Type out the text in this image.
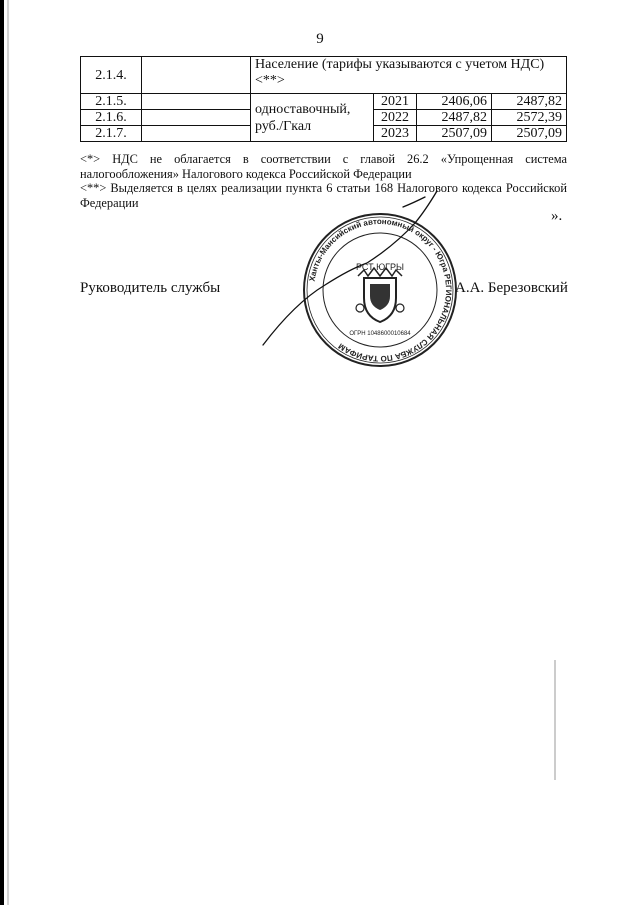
9
2.1.4.		Население (тарифы указываются с учетом НДС) <**>			
2.1.5.		одноставочный, руб./Гкал	2021	2406,06	2487,82
2.1.6.			2022	2487,82	2572,39
2.1.7.			2023	2507,09	2507,09

<*> НДС не облагается в соответствии с главой 26.2 «Упрощенная система налогообложения» Налогового кодекса Российской Федерации

<**> Выделяется в целях реализации пункта 6 статьи 168 Налогового кодекса Российской Федерации

».
Руководитель службы	А.А. Березовский
Ханты-Мансийский автономный округ - Югра РЕГИОНАЛЬНАЯ СЛУЖБА ПО ТАРИФАМ
РСТ ЮГРЫ
ОГРН 1048600010684
